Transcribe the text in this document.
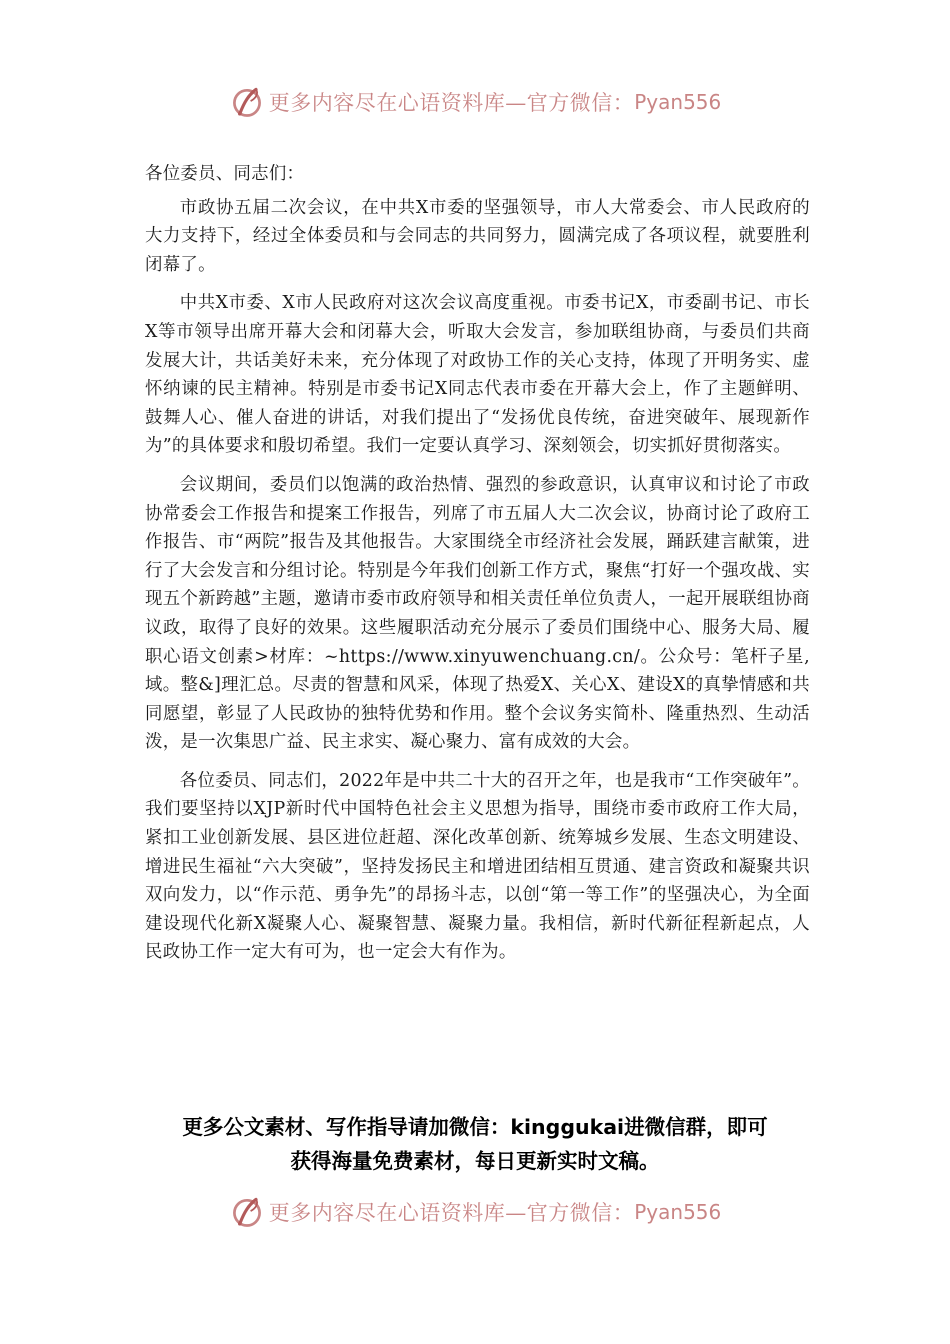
更多内容尽在心语资料库—官方微信： Pyan556

各位委员、同志们：

市政协五届二次会议，在中共X市委的坚强领导，市人大常委会、市人民政府的大力支持下，经过全体委员和与会同志的共同努力，圆满完成了各项议程，就要胜利闭幕了。

中共X市委、X市人民政府对这次会议高度重视。市委书记X，市委副书记、市长X等市领导出席开幕大会和闭幕大会，听取大会发言，参加联组协商，与委员们共商发展大计，共话美好未来，充分体现了对政协工作的关心支持，体现了开明务实、虚怀纳谏的民主精神。特别是市委书记X同志代表市委在开幕大会上，作了主题鲜明、鼓舞人心、催人奋进的讲话，对我们提出了“发扬优良传统，奋进突破年、展现新作为”的具体要求和殷切希望。我们一定要认真学习、深刻领会，切实抓好贯彻落实。

会议期间，委员们以饱满的政治热情、强烈的参政意识，认真审议和讨论了市政协常委会工作报告和提案工作报告，列席了市五届人大二次会议，协商讨论了政府工作报告、市“两院”报告及其他报告。大家围绕全市经济社会发展，踊跃建言献策，进行了大会发言和分组讨论。特别是今年我们创新工作方式，聚焦“打好一个强攻战、实现五个新跨越”主题，邀请市委市政府领导和相关责任单位负责人，一起开展联组协商议政，取得了良好的效果。这些履职活动充分展示了委员们围绕中心、服务大局、履职心语文创素>材库：~https://www.xinyuwenchuang.cn/。公众号：笔杆子星,域。整&]理汇总。尽责的智慧和风采，体现了热爱X、关心X、建设X的真挚情感和共同愿望，彰显了人民政协的独特优势和作用。整个会议务实简朴、隆重热烈、生动活泼，是一次集思广益、民主求实、凝心聚力、富有成效的大会。

各位委员、同志们，2022年是中共二十大的召开之年，也是我市“工作突破年”。我们要坚持以XJP新时代中国特色社会主义思想为指导，围绕市委市政府工作大局，紧扣工业创新发展、县区进位赶超、深化改革创新、统筹城乡发展、生态文明建设、增进民生福祉“六大突破”，坚持发扬民主和增进团结相互贯通、建言资政和凝聚共识双向发力，以“作示范、勇争先”的昂扬斗志，以创“第一等工作”的坚强决心，为全面建设现代化新X凝聚人心、凝聚智慧、凝聚力量。我相信，新时代新征程新起点，人民政协工作一定大有可为，也一定会大有作为。

更多公文素材、写作指导请加微信：kinggukai进微信群，即可
获得海量免费素材，每日更新实时文稿。
更多内容尽在心语资料库—官方微信： Pyan556
